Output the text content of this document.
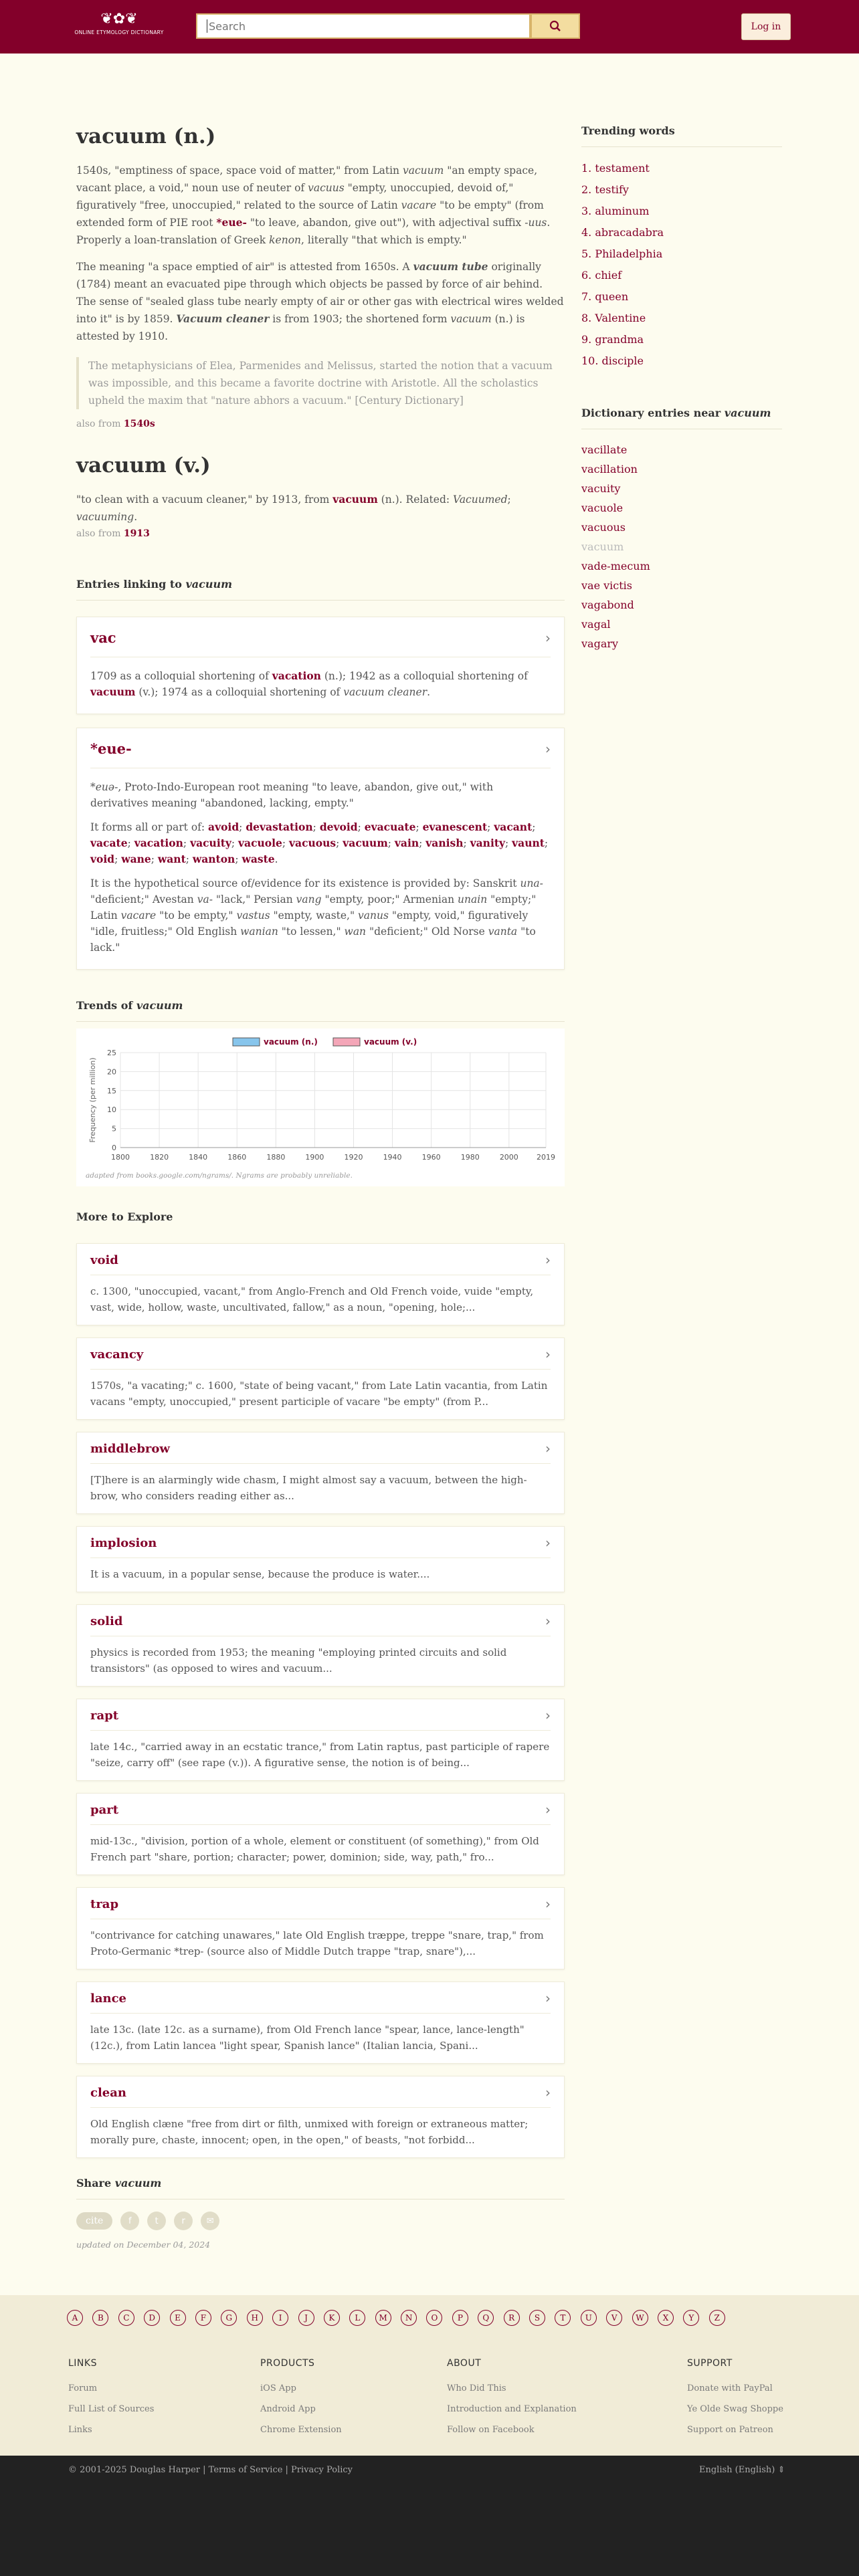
❦✿❦
ONLINE ETYMOLOGY DICTIONARY	Search	Log in
vacuum (n.)

1540s, "emptiness of space, space void of matter," from Latin vacuum "an empty space, vacant place, a void," noun use of neuter of vacuus "empty, unoccupied, devoid of," figuratively "free, unoccupied," related to the source of Latin vacare "to be empty" (from extended form of PIE root *eue- "to leave, abandon, give out"), with adjectival suffix -uus. Properly a loan-translation of Greek kenon, literally "that which is empty."

The meaning "a space emptied of air" is attested from 1650s. A vacuum tube originally (1784) meant an evacuated pipe through which objects be passed by force of air behind. The sense of "sealed glass tube nearly empty of air or other gas with electrical wires welded into it" is by 1859. Vacuum cleaner is from 1903; the shortened form vacuum (n.) is attested by 1910.

The metaphysicians of Elea, Parmenides and Melissus, started the notion that a vacuum was impossible, and this became a favorite doctrine with Aristotle. All the scholastics upheld the maxim that "nature abhors a vacuum." [Century Dictionary]
also from 1540s
vacuum (v.)

"to clean with a vacuum cleaner," by 1913, from vacuum (n.). Related: Vacuumed; vacuuming.

also from 1913
Entries linking to vacuum
vac	›
1709 as a colloquial shortening of vacation (n.); 1942 as a colloquial shortening of vacuum (v.); 1974 as a colloquial shortening of vacuum cleaner.
*eue-	›
*euə-, Proto-Indo-European root meaning "to leave, abandon, give out," with derivatives meaning "abandoned, lacking, empty."
It forms all or part of: avoid; devastation; devoid; evacuate; evanescent; vacant; vacate; vacation; vacuity; vacuole; vacuous; vacuum; vain; vanish; vanity; vaunt; void; wane; want; wanton; waste.
It is the hypothetical source of/evidence for its existence is provided by: Sanskrit una- "deficient;" Avestan va- "lack," Persian vang "empty, poor;" Armenian unain "empty;" Latin vacare "to be empty," vastus "empty, waste," vanus "empty, void," figuratively "idle, fruitless;" Old English wanian "to lessen," wan "deficient;" Old Norse vanta "to lack."
Trends of vacuum
0
5
10
15
20
25
1800	1820	1840	1860	1880	1900	1920	1940	1960	1980	2000 2019
Frequency (per million)
vacuum (n.)	vacuum (v.)
adapted from books.google.com/ngrams/. Ngrams are probably unreliable.
More to Explore
void	›
c. 1300, "unoccupied, vacant," from Anglo-French and Old French voide, vuide "empty, vast, wide, hollow, waste, uncultivated, fallow," as a noun, "opening, hole;...
vacancy	›
1570s, "a vacating;" c. 1600, "state of being vacant," from Late Latin vacantia, from Latin vacans "empty, unoccupied," present participle of vacare "be empty" (from P...
middlebrow	›
[T]here is an alarmingly wide chasm, I might almost say a vacuum, between the high-brow, who considers reading either as...
implosion	›
It is a vacuum, in a popular sense, because the produce is water....
solid	›
physics is recorded from 1953; the meaning "employing printed circuits and solid transistors" (as opposed to wires and vacuum...
rapt	›
late 14c., "carried away in an ecstatic trance," from Latin raptus, past participle of rapere "seize, carry off" (see rape (v.)). A figurative sense, the notion is of being...
part	›
mid-13c., "division, portion of a whole, element or constituent (of something)," from Old French part "share, portion; character; power, dominion; side, way, path," fro...
trap	›
"contrivance for catching unawares," late Old English træppe, treppe "snare, trap," from Proto-Germanic *trep- (source also of Middle Dutch trappe "trap, snare"),...
lance	›
late 13c. (late 12c. as a surname), from Old French lance "spear, lance, lance-length" (12c.), from Latin lancea "light spear, Spanish lance" (Italian lancia, Spani...
clean	›
Old English clæne "free from dirt or filth, unmixed with foreign or extraneous matter; morally pure, chaste, innocent; open, in the open," of beasts, "not forbidd...
Share vacuum
cite	f	t	r	✉
updated on December 04, 2024
Trending words
1. testament
2. testify
3. aluminum
4. abracadabra
5. Philadelphia
6. chief
7. queen
8. Valentine
9. grandma
10. disciple
Dictionary entries near vacuum
vacillate
vacillation
vacuity
vacuole
vacuous
vacuum
vade-mecum
vae victis
vagabond
vagal
vagary
A	B	C	D	E	F	G	H	I	J	K	L	M	N	O	P	Q	R	S	T	U	V	W	X	Y	Z
LINKS
Forum
Full List of Sources
Links
PRODUCTS
iOS App
Android App
Chrome Extension
ABOUT
Who Did This
Introduction and Explanation
Follow on Facebook
SUPPORT
Donate with PayPal
Ye Olde Swag Shoppe
Support on Patreon
© 2001-2025 Douglas Harper | Terms of Service | Privacy Policy	English (English) ⇕
